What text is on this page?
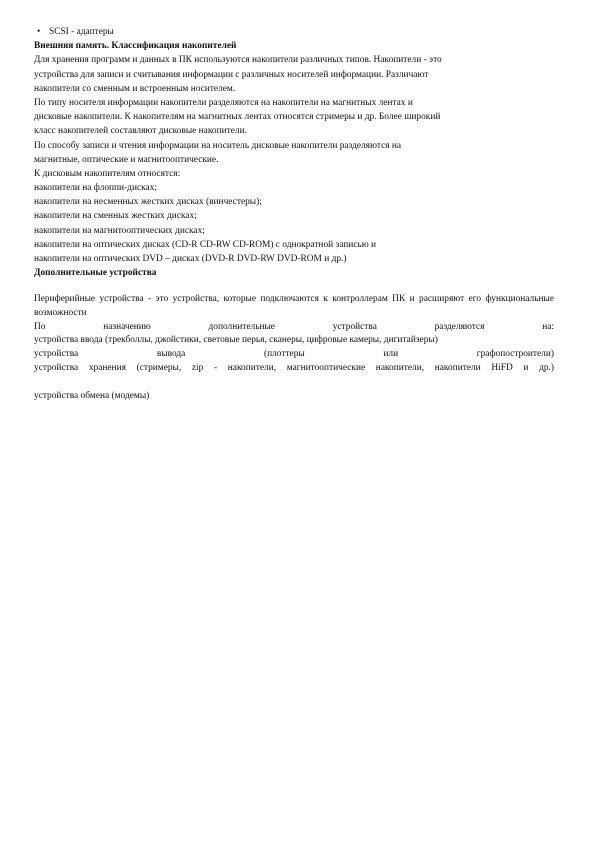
• SCSI - адаптеры
Внешняя память. Классификация накопителей
Для хранения программ и данных в ПК используются накопители различных типов. Накопители - это
устройства для записи и считывания информации с различных носителей информации. Различают
накопители со сменным и встроенным носителем.
По типу носителя информации накопители разделяются на накопители на магнитных лентах и
дисковые накопители. К накопителям на магнитных лентах относятся стримеры и др. Более широкий
класс накопителей составляют дисковые накопители.
По способу записи и чтения информации на носитель дисковые накопители разделяются на
магнитные, оптические и магнитооптические.
К дисковым накопителям относятся:
накопители на флоппи-дисках;
накопители на несменных жестких дисках (винчестеры);
накопители на сменных жестких дисках;
накопители на магнитооптических дисках;
накопители на оптических дисках (CD-R CD-RW CD-ROM) с однократной записью и
накопители на оптических DVD – дисках (DVD-R DVD-RW DVD-ROM и др.)
Дополнительные устройства
Периферийные устройства - это устройства, которые подключаются к контроллерам ПК и расширяют его функциональные возможности
По назначению дополнительные устройства разделяются на:
устройства ввода (трекболлы, джойстики, световые перья, сканеры, цифровые камеры, дигитайзеры)
устройства вывода (плоттеры или графопостроители)
устройства хранения (стримеры, zip - накопители, магнитооптические накопители, накопители HiFD и др.)
устройства обмена (модемы)
